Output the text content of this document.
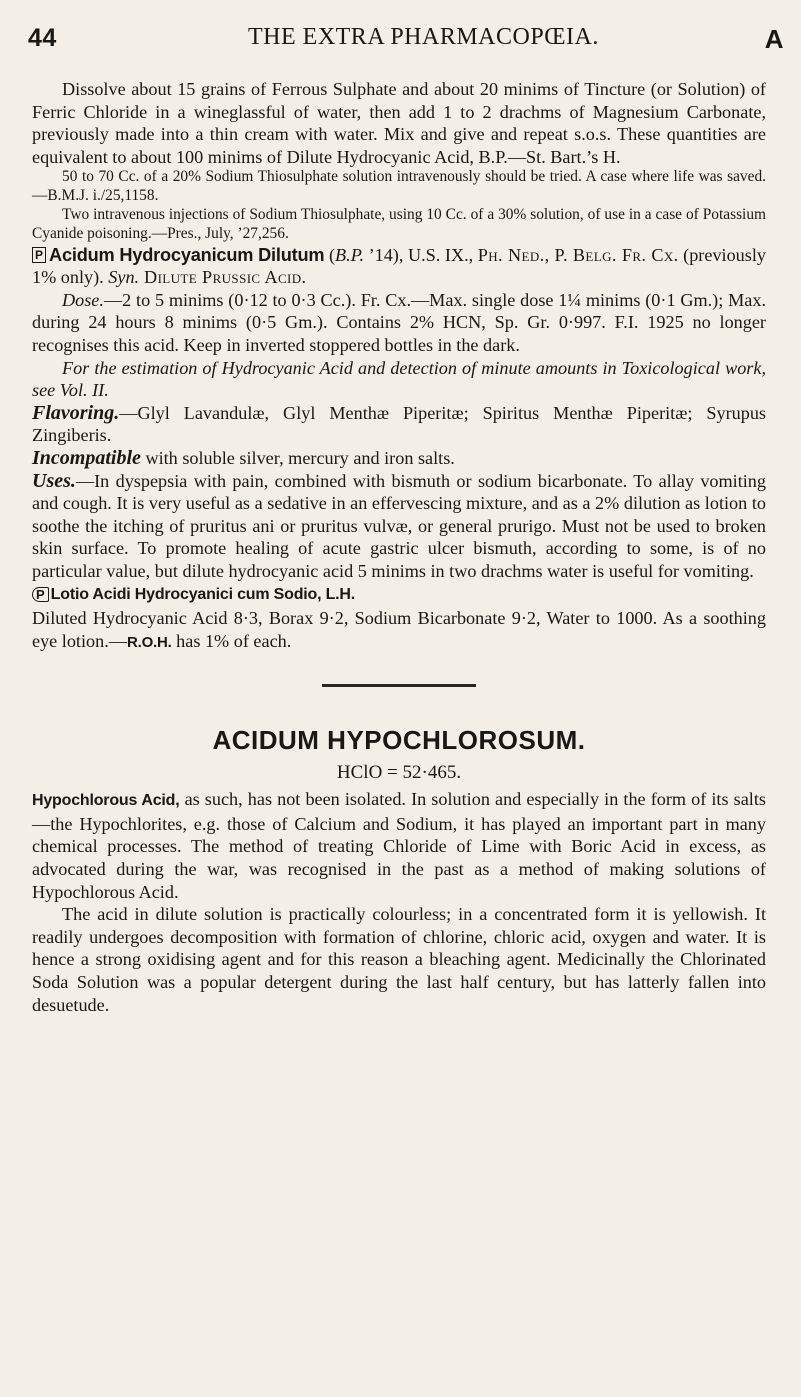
44	THE EXTRA PHARMACOPŒIA.	A

Dissolve about 15 grains of Ferrous Sulphate and about 20 minims of Tincture (or Solution) of Ferric Chloride in a wineglassful of water, then add 1 to 2 drachms of Magnesium Carbonate, previously made into a thin cream with water. Mix and give and repeat s.o.s. These quantities are equivalent to about 100 minims of Dilute Hydrocyanic Acid, B.P.—St. Bart.’s H.

50 to 70 Cc. of a 20% Sodium Thiosulphate solution intravenously should be tried. A case where life was saved.—B.M.J. i./25,1158.

Two intravenous injections of Sodium Thiosulphate, using 10 Cc. of a 30% solution, of use in a case of Potassium Cyanide poisoning.—Pres., July, ’27,256.

P Acidum Hydrocyanicum Dilutum (B.P. ’14), U.S. IX., Ph. Ned., P. Belg. Fr. Cx. (previously 1% only). Syn. Dilute Prussic Acid.

Dose.—2 to 5 minims (0·12 to 0·3 Cc.). Fr. Cx.—Max. single dose 1¼ minims (0·1 Gm.); Max. during 24 hours 8 minims (0·5 Gm.). Contains 2% HCN, Sp. Gr. 0·997. F.I. 1925 no longer recognises this acid. Keep in inverted stoppered bottles in the dark.

For the estimation of Hydrocyanic Acid and detection of minute amounts in Toxicological work, see Vol. II.

Flavoring.—Glyl Lavandulæ, Glyl Menthæ Piperitæ; Spiritus Menthæ Piperitæ; Syrupus Zingiberis.

Incompatible with soluble silver, mercury and iron salts.

Uses.—In dyspepsia with pain, combined with bismuth or sodium bicarbonate. To allay vomiting and cough. It is very useful as a sedative in an effervescing mixture, and as a 2% dilution as lotion to soothe the itching of pruritus ani or pruritus vulvæ, or general prurigo. Must not be used to broken skin surface. To promote healing of acute gastric ulcer bismuth, according to some, is of no particular value, but dilute hydrocyanic acid 5 minims in two drachms water is useful for vomiting.

P Lotio Acidi Hydrocyanici cum Sodio, L.H.

Diluted Hydrocyanic Acid 8·3, Borax 9·2, Sodium Bicarbonate 9·2, Water to 1000. As a soothing eye lotion.—R.O.H. has 1% of each.

ACIDUM HYPOCHLOROSUM.

HClO = 52·465.

Hypochlorous Acid, as such, has not been isolated. In solution and especially in the form of its salts—the Hypochlorites, e.g. those of Calcium and Sodium, it has played an important part in many chemical processes. The method of treating Chloride of Lime with Boric Acid in excess, as advocated during the war, was recognised in the past as a method of making solutions of Hypochlorous Acid.

The acid in dilute solution is practically colourless; in a concentrated form it is yellowish. It readily undergoes decomposition with formation of chlorine, chloric acid, oxygen and water. It is hence a strong oxidising agent and for this reason a bleaching agent. Medicinally the Chlorinated Soda Solution was a popular detergent during the last half century, but has latterly fallen into desuetude.
